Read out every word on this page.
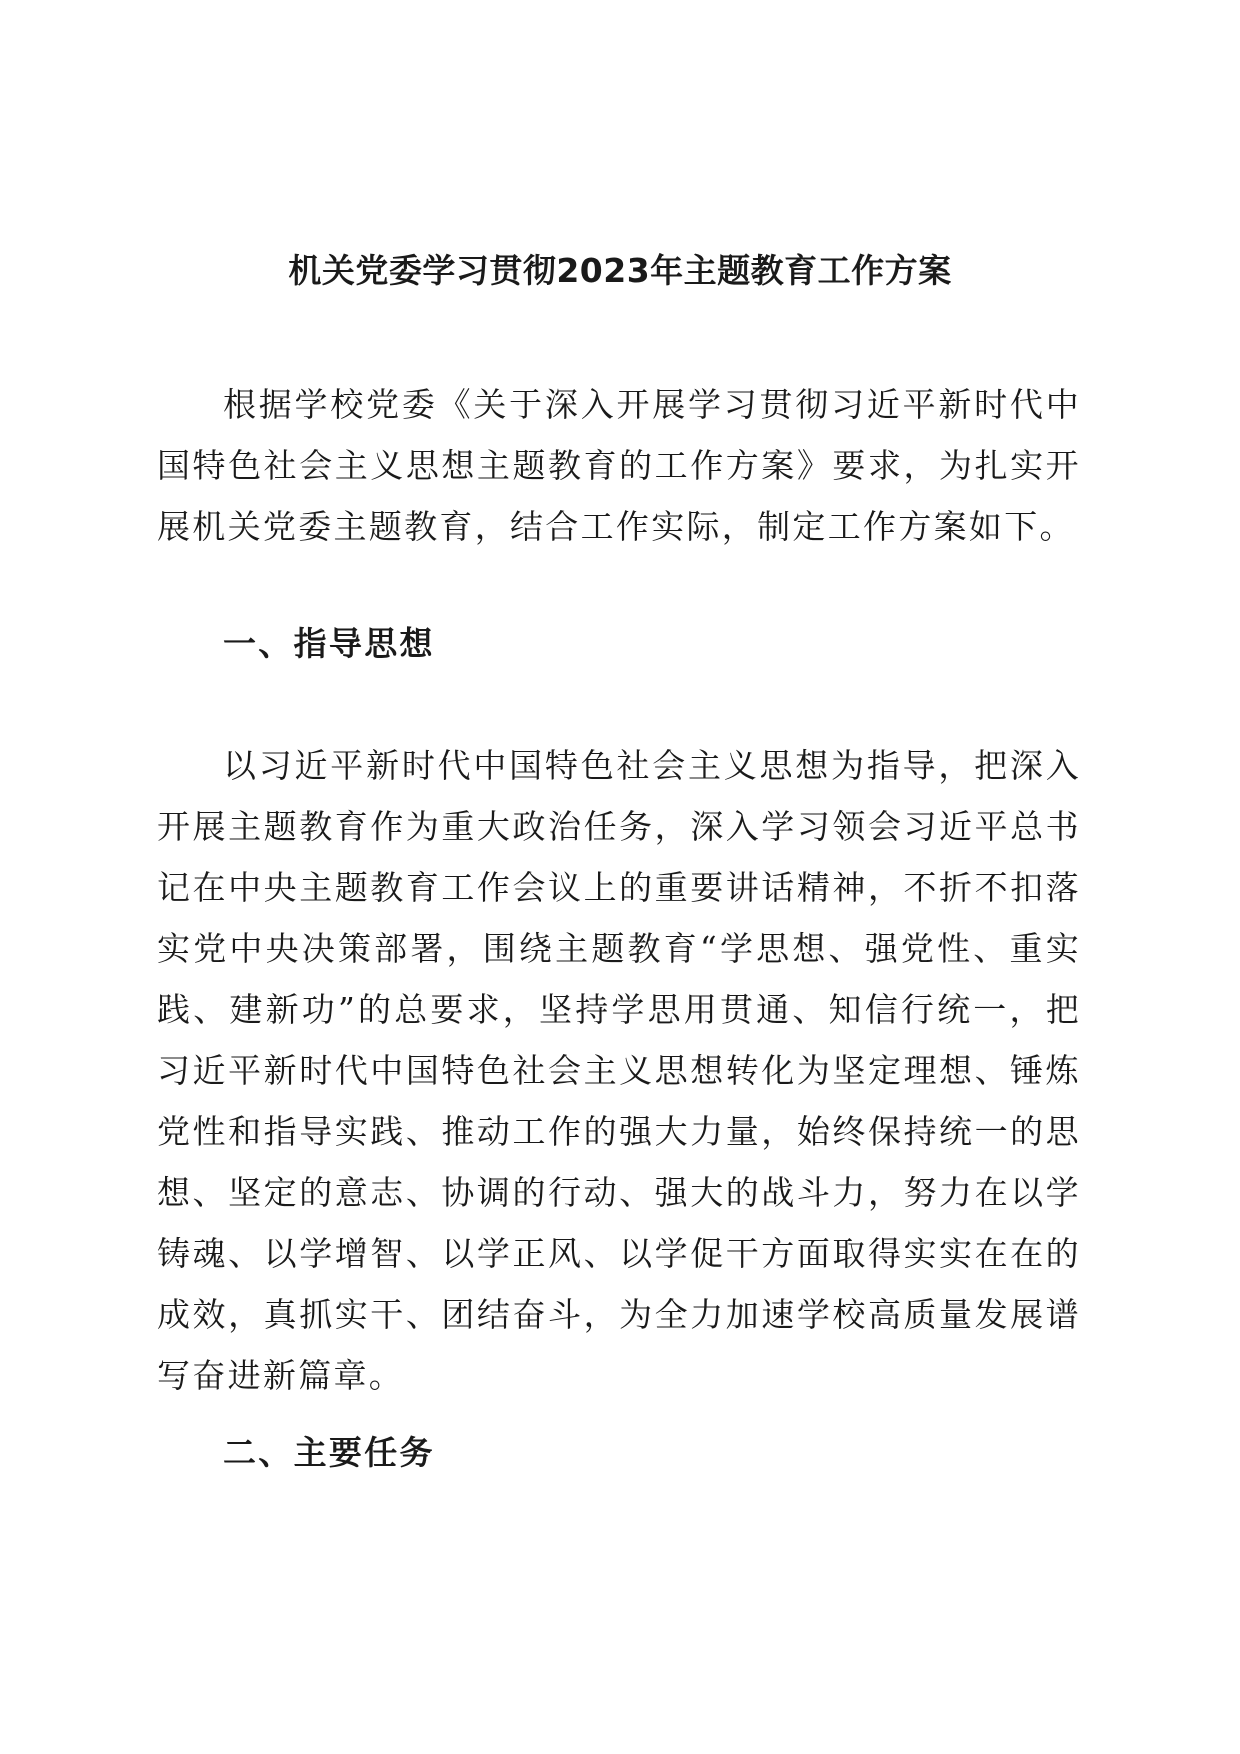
机关党委学习贯彻2023年主题教育工作方案

根据学校党委《关于深入开展学习贯彻习近平新时代中国特色社会主义思想主题教育的工作方案》要求，为扎实开展机关党委主题教育，结合工作实际，制定工作方案如下。

一、指导思想

以习近平新时代中国特色社会主义思想为指导，把深入开展主题教育作为重大政治任务，深入学习领会习近平总书记在中央主题教育工作会议上的重要讲话精神，不折不扣落实党中央决策部署，围绕主题教育“学思想、强党性、重实践、建新功”的总要求，坚持学思用贯通、知信行统一，把习近平新时代中国特色社会主义思想转化为坚定理想、锤炼党性和指导实践、推动工作的强大力量，始终保持统一的思想、坚定的意志、协调的行动、强大的战斗力，努力在以学铸魂、以学增智、以学正风、以学促干方面取得实实在在的成效，真抓实干、团结奋斗，为全力加速学校高质量发展谱写奋进新篇章。

二、主要任务
